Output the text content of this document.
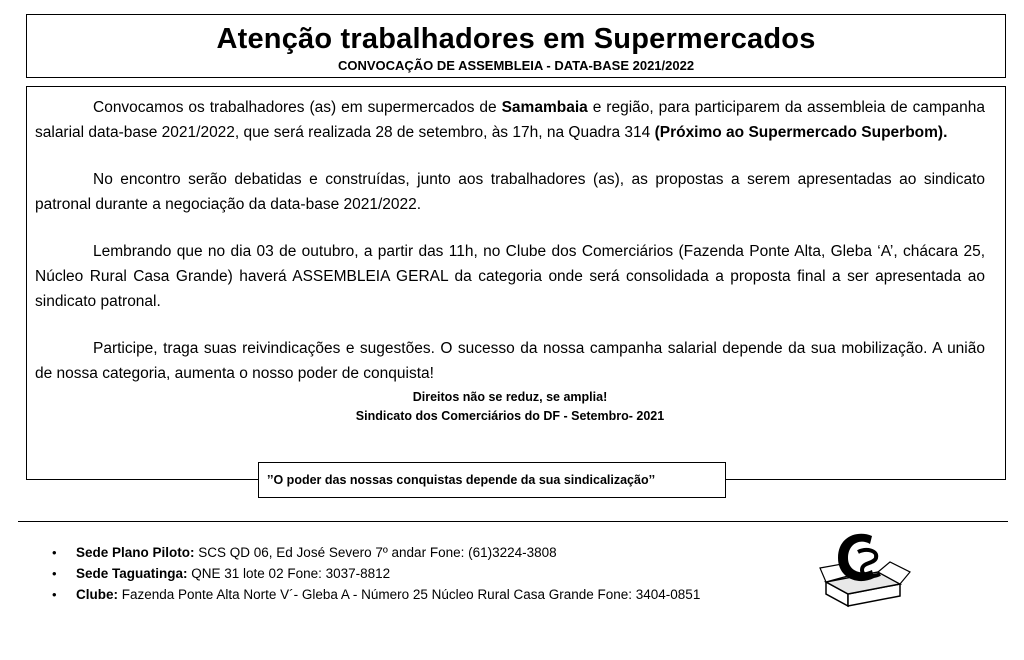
Atenção trabalhadores em Supermercados
CONVOCAÇÃO DE ASSEMBLEIA - DATA-BASE 2021/2022

Convocamos os trabalhadores (as) em supermercados de Samambaia e região, para participarem da assembleia de campanha salarial data-base 2021/2022, que será realizada 28 de setembro, às 17h, na Quadra 314 (Próximo ao Supermercado Superbom).

No encontro serão debatidas e construídas, junto aos trabalhadores (as), as propostas a serem apresentadas ao sindicato patronal durante a negociação da data-base 2021/2022.

Lembrando que no dia 03 de outubro, a partir das 11h, no Clube dos Comerciários (Fazenda Ponte Alta, Gleba ‘A’, chácara 25, Núcleo Rural Casa Grande) haverá ASSEMBLEIA GERAL da categoria onde será consolidada a proposta final a ser apresentada ao sindicato patronal.

Participe, traga suas reivindicações e sugestões. O sucesso da nossa campanha salarial depende da sua mobilização. A união de nossa categoria, aumenta o nosso poder de conquista!

Direitos não se reduz, se amplia!
Sindicato dos Comerciários do DF - Setembro- 2021
’’O poder das nossas conquistas depende da sua sindicalização’’
• Sede Plano Piloto: SCS QD 06, Ed José Severo 7º andar Fone: (61)3224-3808
• Sede Taguatinga: QNE 31 lote 02 Fone: 3037-8812
• Clube: Fazenda Ponte Alta Norte V´- Gleba A - Número 25 Núcleo Rural Casa Grande Fone: 3404-0851
